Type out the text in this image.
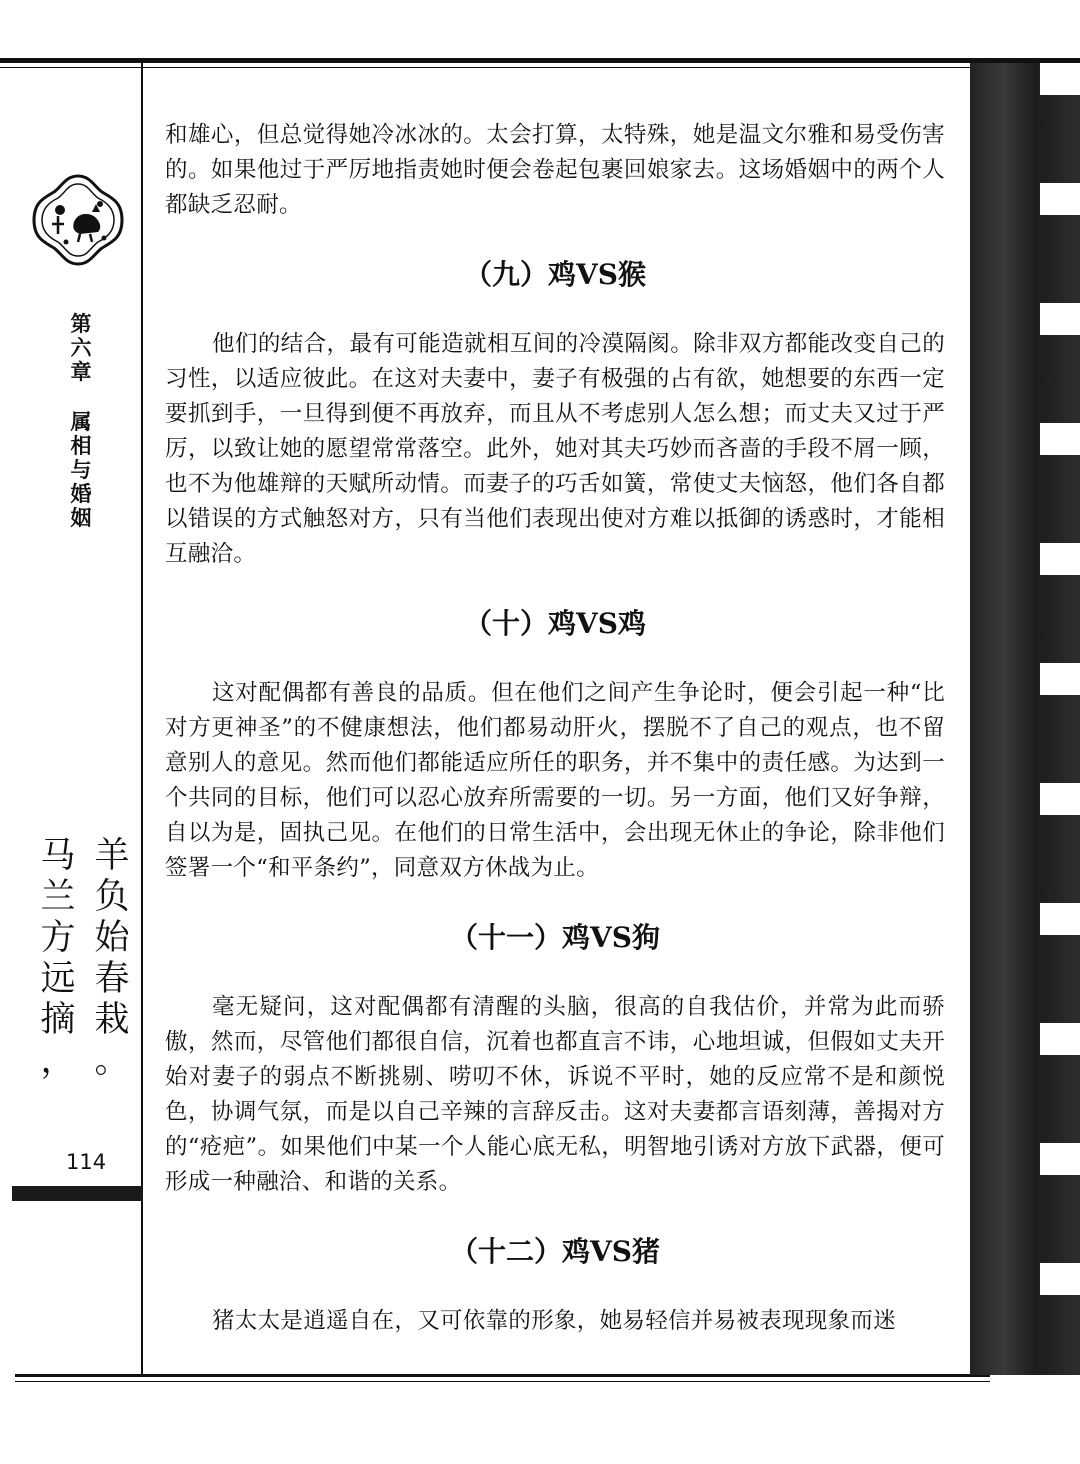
第
六
章
属
相
与
婚
姻
羊
负
始
春
栽
。
马
兰
方
远
摘
，
114

和雄心，但总觉得她冷冰冰的。太会打算，太特殊，她是温文尔雅和易受伤害的。如果他过于严厉地指责她时便会卷起包裹回娘家去。这场婚姻中的两个人都缺乏忍耐。

（九）鸡VS猴

他们的结合，最有可能造就相互间的冷漠隔阂。除非双方都能改变自己的习性，以适应彼此。在这对夫妻中，妻子有极强的占有欲，她想要的东西一定要抓到手，一旦得到便不再放弃，而且从不考虑别人怎么想；而丈夫又过于严厉，以致让她的愿望常常落空。此外，她对其夫巧妙而吝啬的手段不屑一顾，也不为他雄辩的天赋所动情。而妻子的巧舌如簧，常使丈夫恼怒，他们各自都以错误的方式触怒对方，只有当他们表现出使对方难以抵御的诱惑时，才能相互融洽。

（十）鸡VS鸡

这对配偶都有善良的品质。但在他们之间产生争论时，便会引起一种“比对方更神圣”的不健康想法，他们都易动肝火，摆脱不了自己的观点，也不留意别人的意见。然而他们都能适应所任的职务，并不集中的责任感。为达到一个共同的目标，他们可以忍心放弃所需要的一切。另一方面，他们又好争辩，自以为是，固执己见。在他们的日常生活中，会出现无休止的争论，除非他们签署一个“和平条约”，同意双方休战为止。

（十一）鸡VS狗

毫无疑问，这对配偶都有清醒的头脑，很高的自我估价，并常为此而骄傲，然而，尽管他们都很自信，沉着也都直言不讳，心地坦诚，但假如丈夫开始对妻子的弱点不断挑剔、唠叨不休，诉说不平时，她的反应常不是和颜悦色，协调气氛，而是以自己辛辣的言辞反击。这对夫妻都言语刻薄，善揭对方的“疮疤”。如果他们中某一个人能心底无私，明智地引诱对方放下武器，便可形成一种融洽、和谐的关系。

（十二）鸡VS猪

猪太太是逍遥自在，又可依靠的形象，她易轻信并易被表现现象而迷
